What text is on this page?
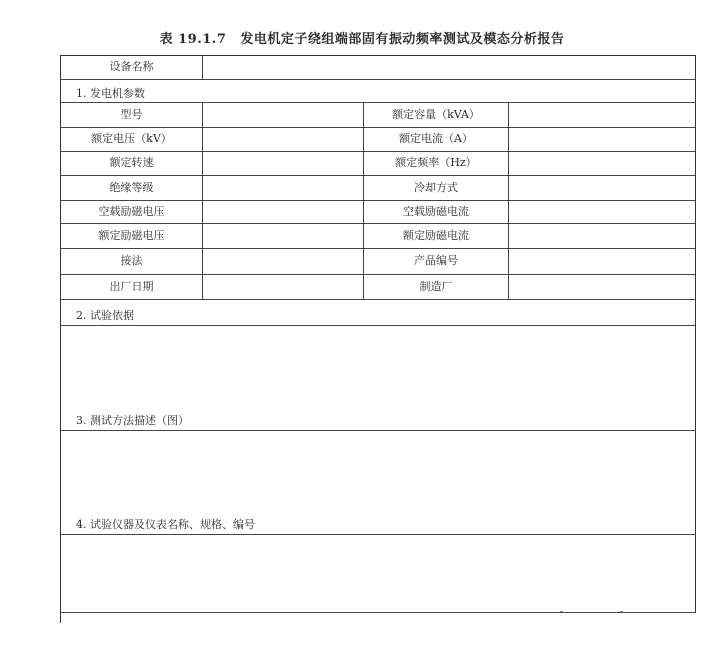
表 19.1.7 发电机定子绕组端部固有振动频率测试及模态分析报告
设备名称
1. 发电机参数
型号	额定容量（kVA）
额定电压（kV）	额定电流（A）
额定转速	额定频率（Hz）
绝缘等级	冷却方式
空载励磁电压	空载励磁电流
额定励磁电压	额定励磁电流
接法	产品编号
出厂日期	制造厂
2. 试验依据
3. 测试方法描述（图）
4. 试验仪器及仪表名称、规格、编号
